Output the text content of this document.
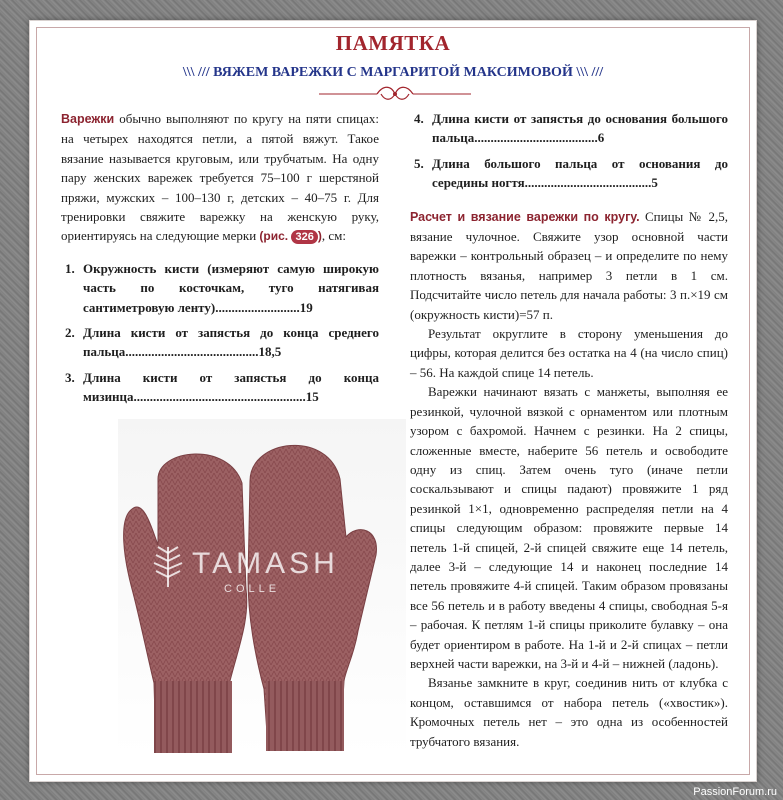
ПАМЯТКА
\\\ /// ВЯЖЕМ ВАРЕЖКИ С МАРГАРИТОЙ МАКСИМОВОЙ \\\ ///

Варежки обычно выполняют по кругу на пяти спицах: на четырех находятся петли, а пятой вяжут. Такое вязание называется круговым, или трубчатым. На одну пару женских варежек требуется 75–100 г шерстяной пряжи, мужских – 100–130 г, детских – 40–75 г. Для тренировки свяжите варежку на женскую руку, ориентируясь на следующие мерки (рис. 326 ), см:

1. Окружность кисти (измеряют самую широкую часть по косточкам, туго натягивая сантиметровую ленту)..........................19
2. Длина кисти от запястья до конца среднего пальца.........................................18,5
3. Длина кисти от запястья до конца мизинца.....................................................15
4. Длина кисти от запястья до основания большого пальца......................................6
5. Длина большого пальца от основания до середины ногтя.......................................5

Расчет и вязание варежки по кругу. Спицы № 2,5, вязание чулочное. Свяжите узор основной части варежки – контрольный образец – и определите по нему плотность вязанья, например 3 петли в 1 см. Подсчитайте число петель для начала работы: 3 п.×19 см (окружность кисти)=57 п.

Результат округлите в сторону уменьшения до цифры, которая делится без остатка на 4 (на число спиц) – 56. На каждой спице 14 петель.

Варежки начинают вязать с манжеты, выполняя ее резинкой, чулочной вязкой с орнаментом или плотным узором с бахромой. Начнем с резинки. На 2 спицы, сложенные вместе, наберите 56 петель и освободите одну из спиц. Затем очень туго (иначе петли соскальзывают и спицы падают) провяжите 1 ряд резинкой 1×1, одновременно распределяя петли на 4 спицы следующим образом: провяжите первые 14 петель 1-й спицей, 2-й спицей свяжите еще 14 петель, далее 3-й – следующие 14 и наконец последние 14 петель провяжите 4-й спицей. Таким образом провязаны все 56 петель и в работу введены 4 спицы, свободная 5-я – рабочая. К петлям 1-й спицы приколите булавку – она будет ориентиром в работе. На 1-й и 2-й спицах – петли верхней части варежки, на 3-й и 4-й – нижней (ладонь).

Вязанье замкните в круг, соединив нить от клубка с концом, оставшимся от набора петель («хвостик»). Кромочных петель нет – это одна из особенностей трубчатого вязания.

TAMASH
COLLE
PassionForum.ru
